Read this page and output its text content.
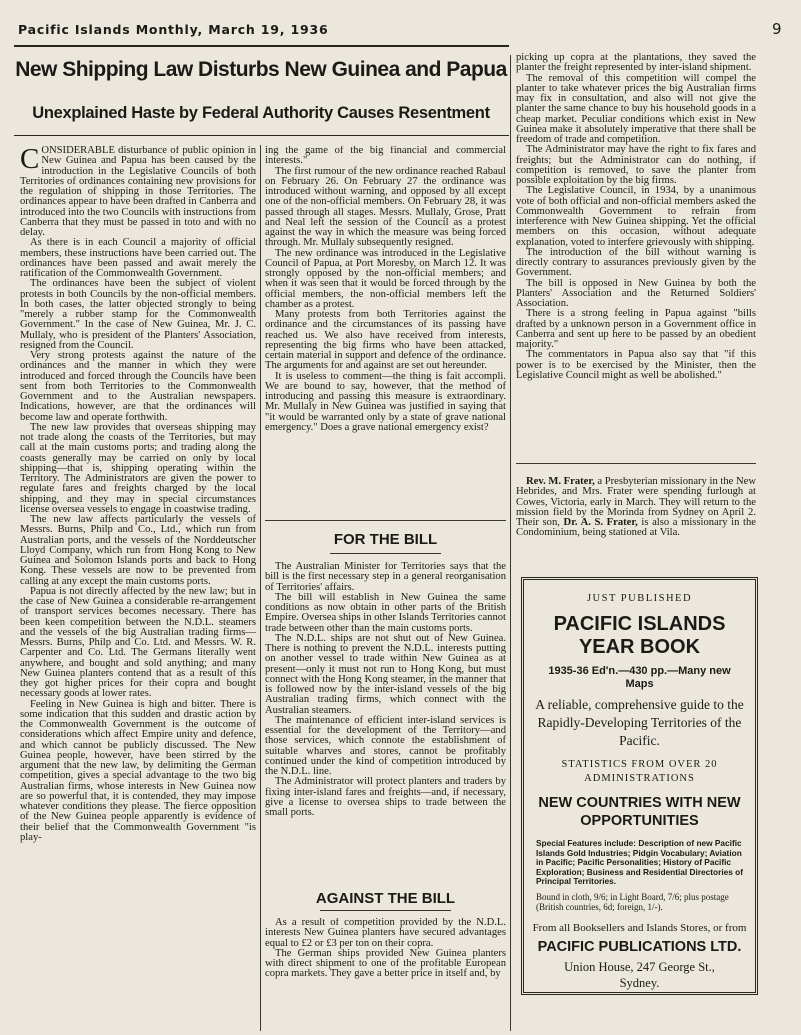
Pacific Islands Monthly, March 19, 1936	9
New Shipping Law Disturbs New Guinea and Papua
Unexplained Haste by Federal Authority Causes Resentment
C ONSIDERABLE disturbance of public opinion in New Guinea and Papua has been caused by the introduction in the Legislative Councils of both Territories of ordinances containing new provisions for the regulation of shipping in those Territories. The ordinances appear to have been drafted in Canberra and introduced into the two Councils with instructions from Canberra that they must be passed in toto and with no delay.

As there is in each Council a majority of official members, these instructions have been carried out. The ordinances have been passed and await merely the ratification of the Commonwealth Government.

The ordinances have been the subject of violent protests in both Councils by the non-official members. In both cases, the latter objected strongly to being "merely a rubber stamp for the Commonwealth Government." In the case of New Guinea, Mr. J. C. Mullaly, who is president of the Planters' Association, resigned from the Council.

Very strong protests against the nature of the ordinances and the manner in which they were introduced and forced through the Councils have been sent from both Territories to the Commonwealth Government and to the Australian newspapers. Indications, however, are that the ordinances will become law and operate forthwith.

The new law provides that overseas shipping may not trade along the coasts of the Territories, but may call at the main customs ports; and trading along the coasts generally may be carried on only by local shipping—that is, shipping operating within the Territory. The Administrators are given the power to regulate fares and freights charged by the local shipping, and they may in special circumstances license oversea vessels to engage in coastwise trading.

The new law affects particularly the vessels of Messrs. Burns, Philp and Co., Ltd., which run from Australian ports, and the vessels of the Norddeutscher Lloyd Company, which run from Hong Kong to New Guinea and Solomon Islands ports and back to Hong Kong. These vessels are now to be prevented from calling at any except the main customs ports.

Papua is not directly affected by the new law; but in the case of New Guinea a considerable re-arrangement of transport services becomes necessary. There has been keen competition between the N.D.L. steamers and the vessels of the big Australian trading firms—Messrs. Burns, Philp and Co. Ltd. and Messrs. W. R. Carpenter and Co. Ltd. The Germans literally went anywhere, and bought and sold anything; and many New Guinea planters contend that as a result of this they got higher prices for their copra and bought necessary goods at lower rates.

Feeling in New Guinea is high and bitter. There is some indication that this sudden and drastic action by the Commonwealth Government is the outcome of considerations which affect Empire unity and defence, and which cannot be publicly discussed. The New Guinea people, however, have been stirred by the argument that the new law, by delimiting the German competition, gives a special advantage to the two big Australian firms, whose interests in New Guinea now are so powerful that, it is contended, they may impose whatever conditions they please. The fierce opposition of the New Guinea people apparently is evidence of their belief that the Commonwealth Government "is play-

ing the game of the big financial and commercial interests."

The first rumour of the new ordinance reached Rabaul on February 26. On February 27 the ordinance was introduced without warning, and opposed by all except one of the non-official members. On February 28, it was passed through all stages. Messrs. Mullaly, Grose, Pratt and Neal left the session of the Council as a protest against the way in which the measure was being forced through. Mr. Mullaly subsequently resigned.

The new ordinance was introduced in the Legislative Council of Papua, at Port Moresby, on March 12. It was strongly opposed by the non-official members; and when it was seen that it would be forced through by the official members, the non-official members left the chamber as a protest.

Many protests from both Territories against the ordinance and the circumstances of its passing have reached us. We also have received from interests, representing the big firms who have been attacked, certain material in support and defence of the ordinance. The arguments for and against are set out hereunder.

It is useless to comment—the thing is fait accompli. We are bound to say, however, that the method of introducing and passing this measure is extraordinary. Mr. Mullaly in New Guinea was justified in saying that "it would be warranted only by a state of grave national emergency." Does a grave national emergency exist?

FOR THE BILL

The Australian Minister for Territories says that the bill is the first necessary step in a general reorganisation of Territories' affairs.

The bill will establish in New Guinea the same conditions as now obtain in other parts of the British Empire. Oversea ships in other Islands Territories cannot trade between other than the main customs ports.

The N.D.L. ships are not shut out of New Guinea. There is nothing to prevent the N.D.L. interests putting on another vessel to trade within New Guinea as at present—only it must not run to Hong Kong, but must connect with the Hong Kong steamer, in the manner that is followed now by the inter-island vessels of the big Australian trading firms, which connect with the Australian steamers.

The maintenance of efficient inter-island services is essential for the development of the Territory—and those services, which connote the establishment of suitable wharves and stores, cannot be profitably continued under the kind of competition introduced by the N.D.L. line.

The Administrator will protect planters and traders by fixing inter-island fares and freights—and, if necessary, give a license to oversea ships to trade between the small ports.

AGAINST THE BILL

As a result of competition provided by the N.D.L. interests New Guinea planters have secured advantages equal to £2 or £3 per ton on their copra.

The German ships provided New Guinea planters with direct shipment to one of the profitable European copra markets. They gave a better price in itself and, by

picking up copra at the plantations, they saved the planter the freight represented by inter-island shipment.

The removal of this competition will compel the planter to take whatever prices the big Australian firms may fix in consultation, and also will not give the planter the same chance to buy his household goods in a cheap market. Peculiar conditions which exist in New Guinea make it absolutely imperative that there shall be freedom of trade and competition.

The Administrator may have the right to fix fares and freights; but the Administrator can do nothing, if competition is removed, to save the planter from possible exploitation by the big firms.

The Legislative Council, in 1934, by a unanimous vote of both official and non-official members asked the Commonwealth Government to refrain from interference with New Guinea shipping. Yet the official members on this occasion, without adequate explanation, voted to interfere grievously with shipping.

The introduction of the bill without warning is directly contrary to assurances previously given by the Government.

The bill is opposed in New Guinea by both the Planters' Association and the Returned Soldiers' Association.

There is a strong feeling in Papua against "bills drafted by a unknown person in a Government office in Canberra and sent up here to be passed by an obedient majority."

The commentators in Papua also say that "if this power is to be exercised by the Minister, then the Legislative Council might as well be abolished."

Rev. M. Frater, a Presbyterian missionary in the New Hebrides, and Mrs. Frater were spending furlough at Cowes, Victoria, early in March. They will return to the mission field by the Morinda from Sydney on April 2. Their son, Dr. A. S. Frater, is also a missionary in the Condominium, being stationed at Vila.

JUST PUBLISHED
PACIFIC ISLANDS
YEAR BOOK
1935-36 Ed'n.—430 pp.—Many new
Maps
A reliable, comprehensive guide to the Rapidly-Developing Territories of the Pacific.
STATISTICS FROM OVER 20 ADMINISTRATIONS
NEW COUNTRIES WITH NEW OPPORTUNITIES
Special Features include: Description of new Pacific Islands Gold Industries; Pidgin Vocabulary; Aviation in Pacific; Pacific Personalities; History of Pacific Exploration; Business and Residential Directories of Principal Territories.
Bound in cloth, 9/6; in Light Board, 7/6; plus postage (British countries, 6d; foreign, 1/-).
From all Booksellers and Islands Stores, or from
PACIFIC PUBLICATIONS LTD.
Union House, 247 George St.,
Sydney.
